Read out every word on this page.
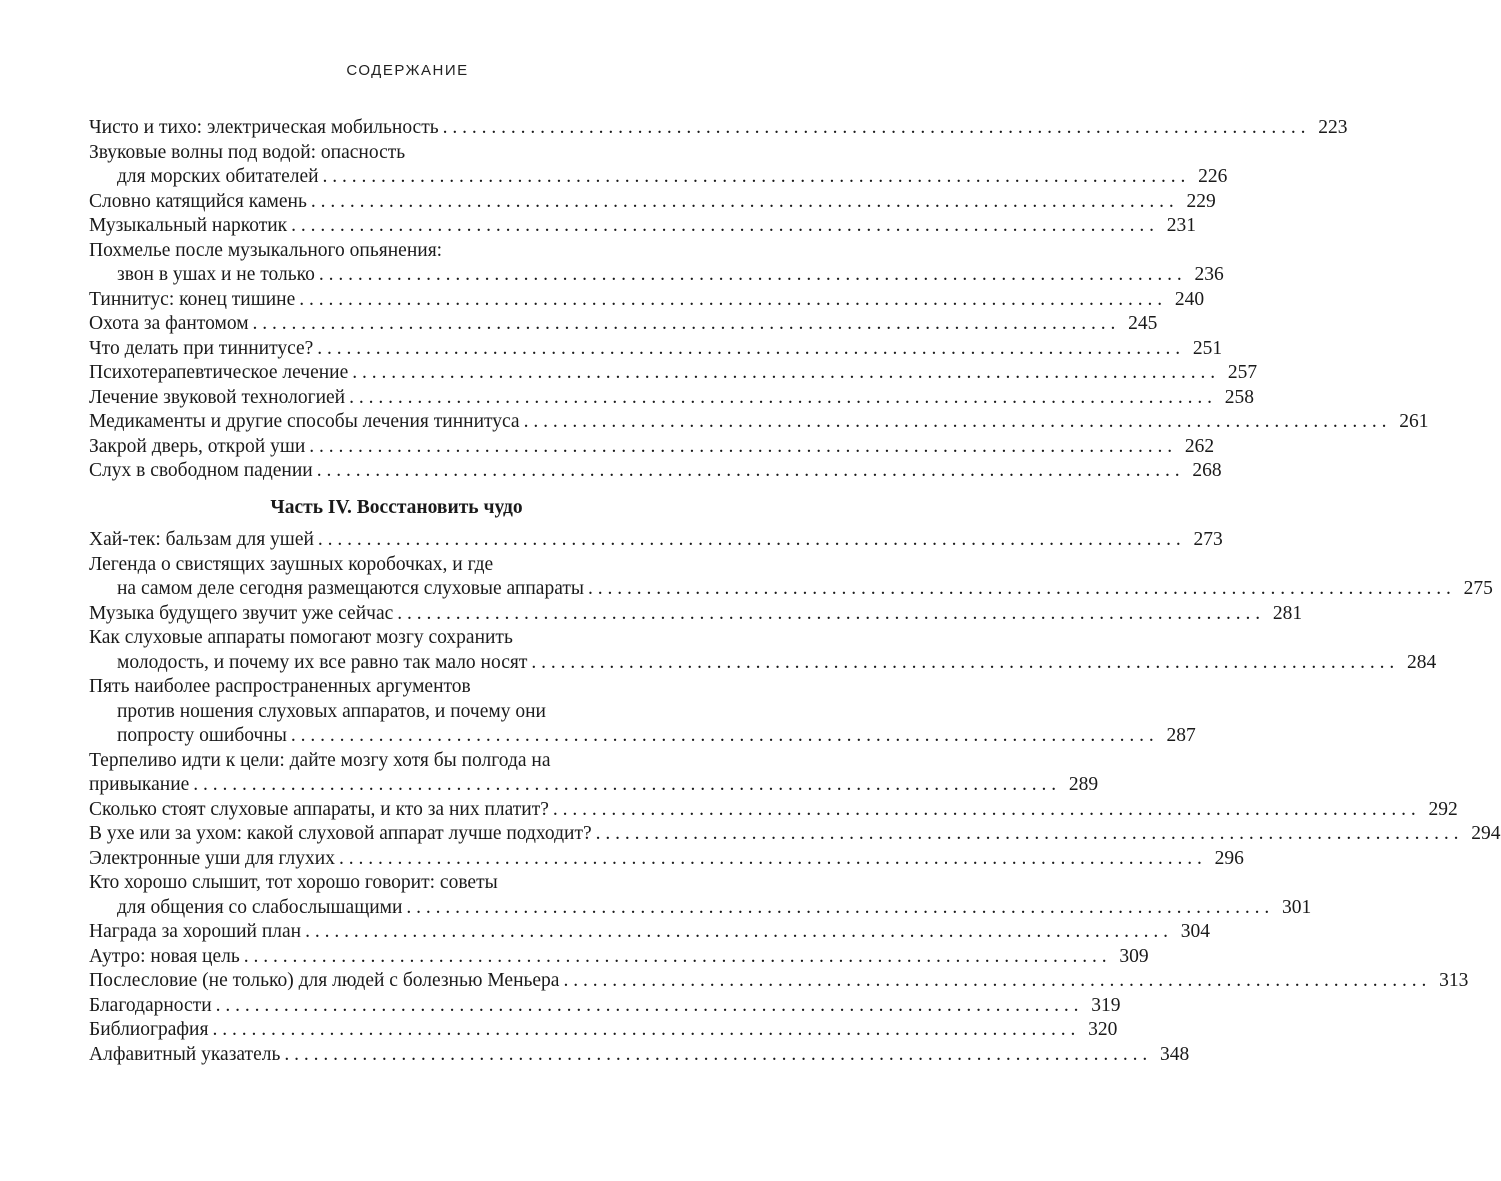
СОДЕРЖАНИЕ
Чисто и тихо: электрическая мобильность . . .	223
Звуковые волны под водой: опасность
для морских обитателей . . .	226
Словно катящийся камень . . .	229
Музыкальный наркотик . . .	231
Похмелье после музыкального опьянения:
звон в ушах и не только . . .	236
Тиннитус: конец тишине . . .	240
Охота за фантомом . . .	245
Что делать при тиннитусе? . . .	251
Психотерапевтическое лечение . . .	257
Лечение звуковой технологией . . .	258
Медикаменты и другие способы лечения тиннитуса . . .	261
Закрой дверь, открой уши . . .	262
Слух в свободном падении . . .	268
Часть IV. Восстановить чудо
Хай-тек: бальзам для ушей . . .	273
Легенда о свистящих заушных коробочках, и где
на самом деле сегодня размещаются слуховые аппараты . . .	275
Музыка будущего звучит уже сейчас . . .	281
Как слуховые аппараты помогают мозгу сохранить
молодость, и почему их все равно так мало носят . . .	284
Пять наиболее распространенных аргументов
против ношения слуховых аппаратов, и почему они
попросту ошибочны . . .	287
Терпеливо идти к цели: дайте мозгу хотя бы полгода на
привыкание . . .	289
Сколько стоят слуховые аппараты, и кто за них платит? . . .	292
В ухе или за ухом: какой слуховой аппарат лучше подходит? . . .	294
Электронные уши для глухих . . .	296
Кто хорошо слышит, тот хорошо говорит: советы
для общения со слабослышащими . . .	301
Награда за хороший план . . .	304
Аутро: новая цель . . .	309
Послесловие (не только) для людей с болезнью Меньера . . .	313
Благодарности . . .	319
Библиография . . .	320
Алфавитный указатель . . .	348
